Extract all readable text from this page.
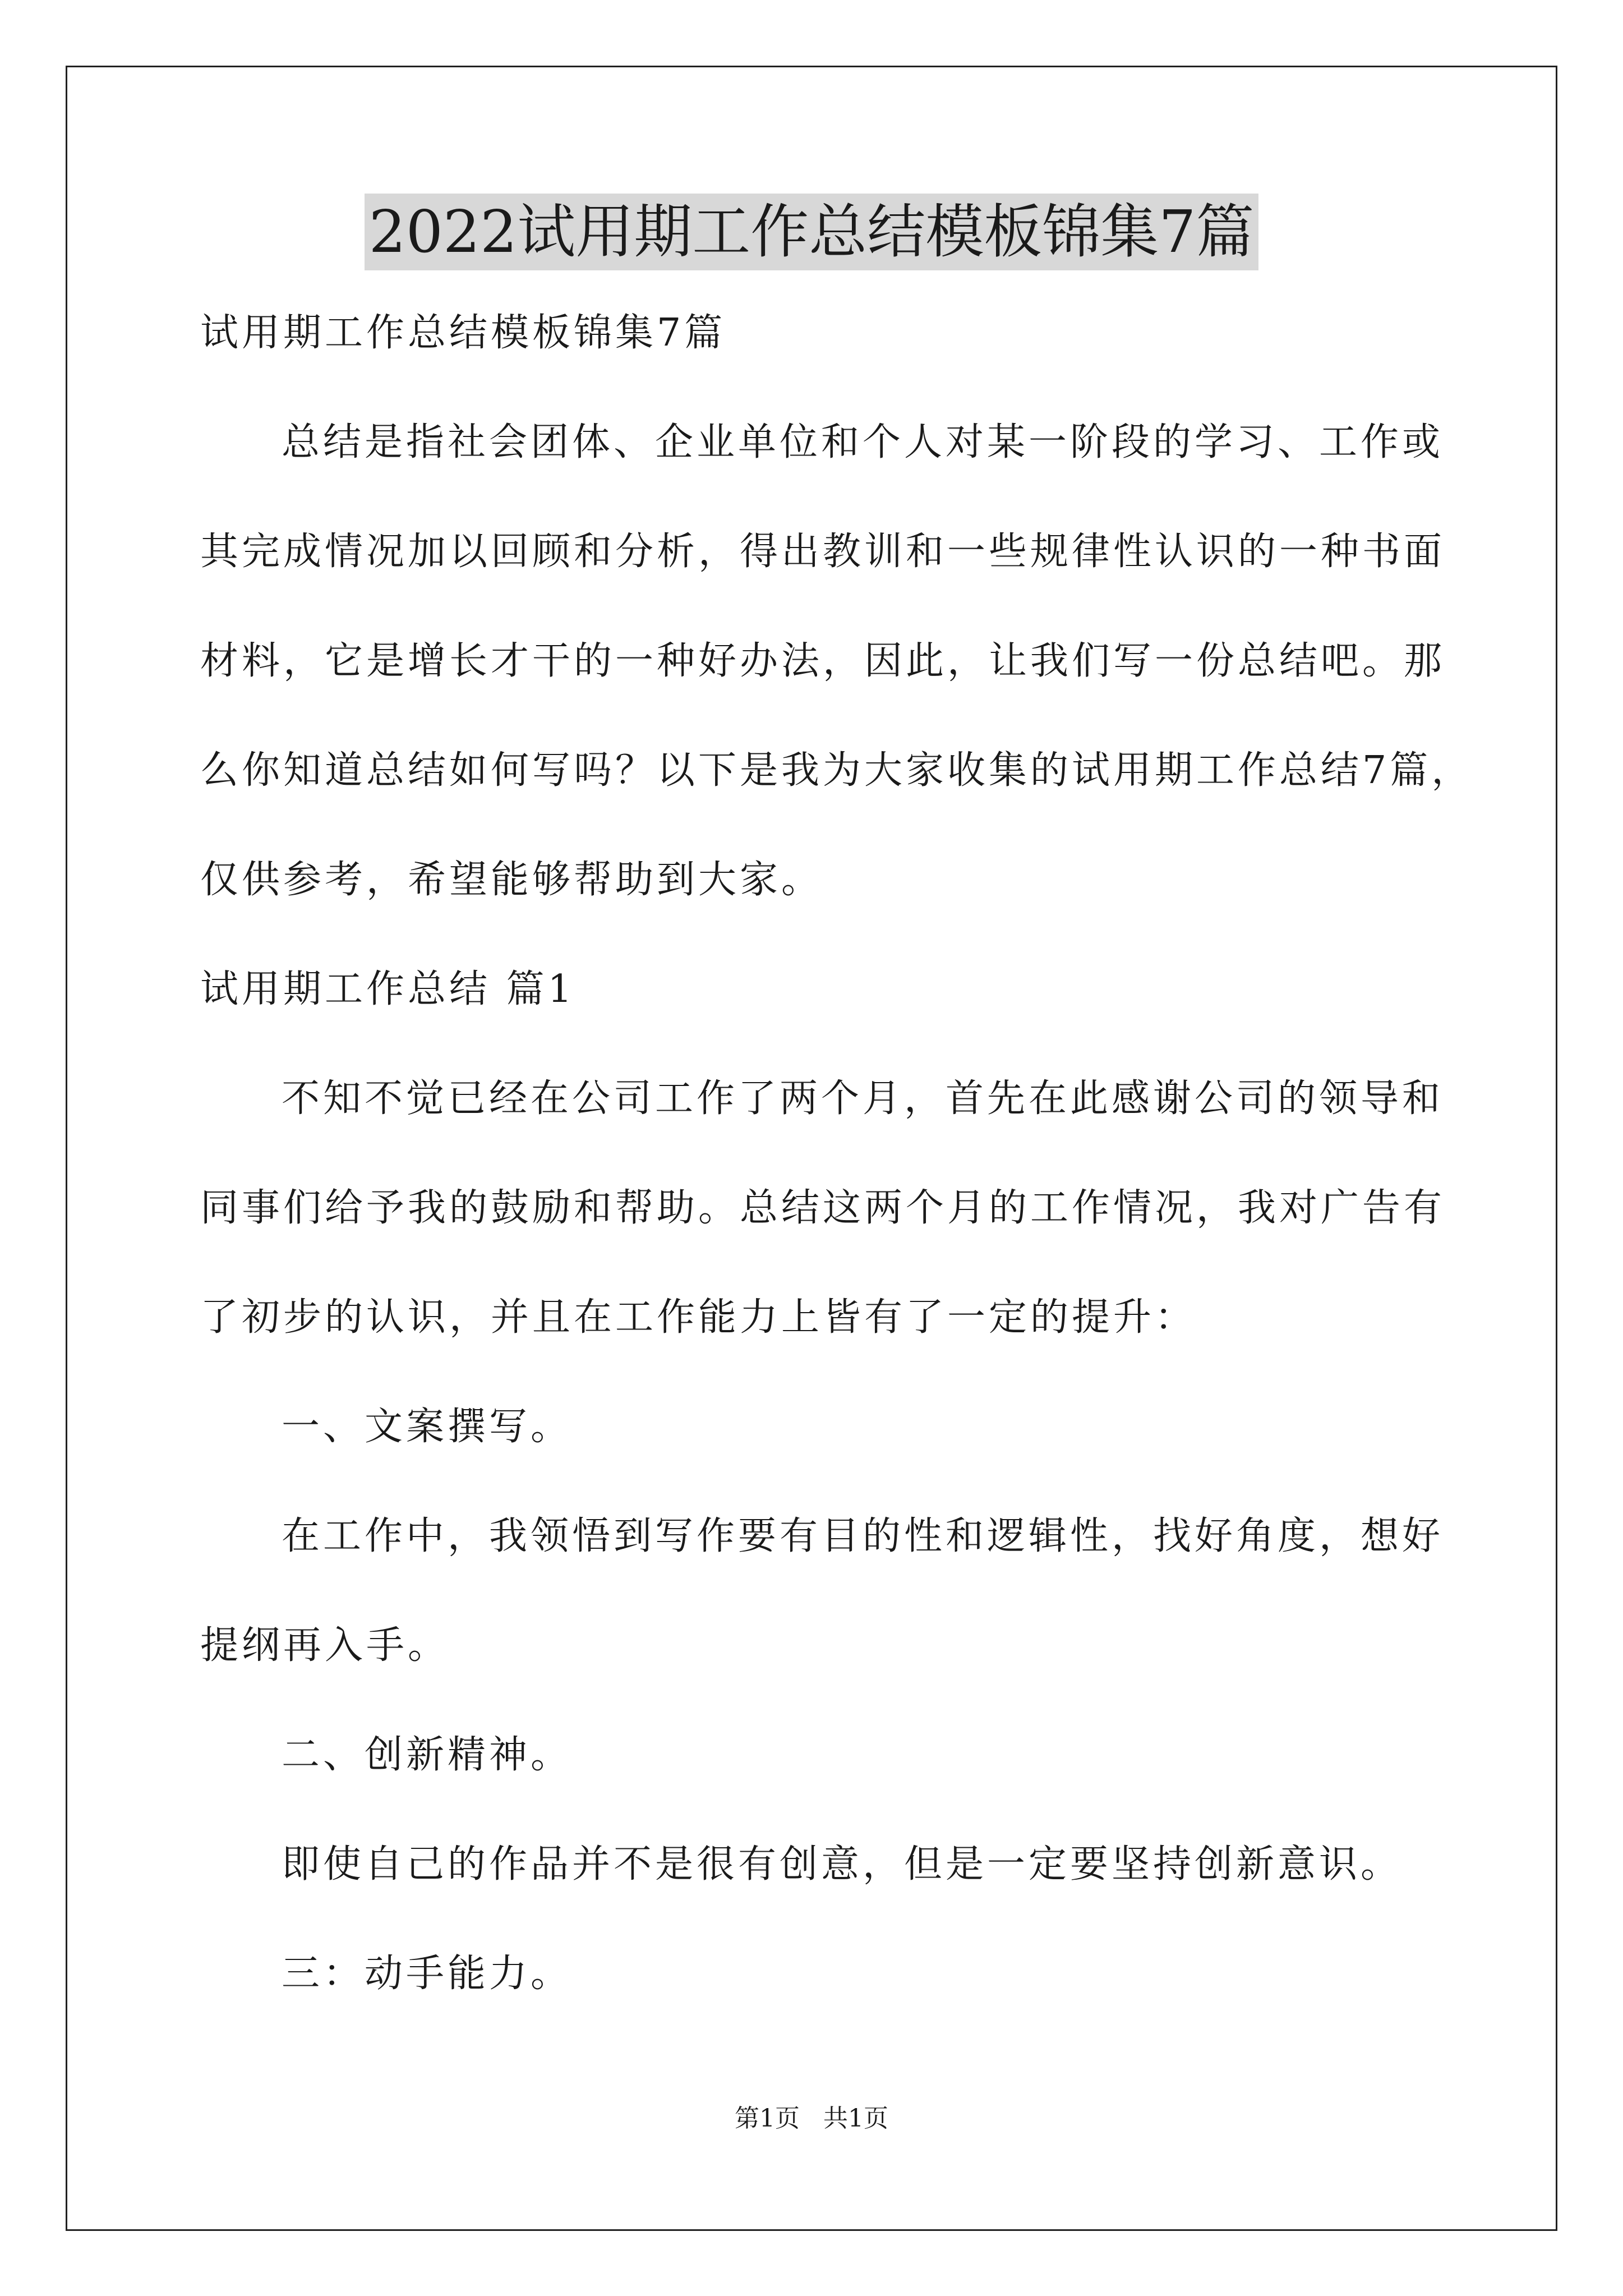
2022试用期工作总结模板锦集7篇
试用期工作总结模板锦集7篇
总结是指社会团体、企业单位和个人对某一阶段的学习、工作或
其完成情况加以回顾和分析，得出教训和一些规律性认识的一种书面
材料，它是增长才干的一种好办法，因此，让我们写一份总结吧。那
么你知道总结如何写吗？以下是我为大家收集的试用期工作总结7篇，
仅供参考，希望能够帮助到大家。
试用期工作总结 篇1
不知不觉已经在公司工作了两个月，首先在此感谢公司的领导和
同事们给予我的鼓励和帮助。总结这两个月的工作情况，我对广告有
了初步的认识，并且在工作能力上皆有了一定的提升：
一、文案撰写。
在工作中，我领悟到写作要有目的性和逻辑性，找好角度，想好
提纲再入手。
二、创新精神。
即使自己的作品并不是很有创意，但是一定要坚持创新意识。
三：动手能力。
第1页   共1页
